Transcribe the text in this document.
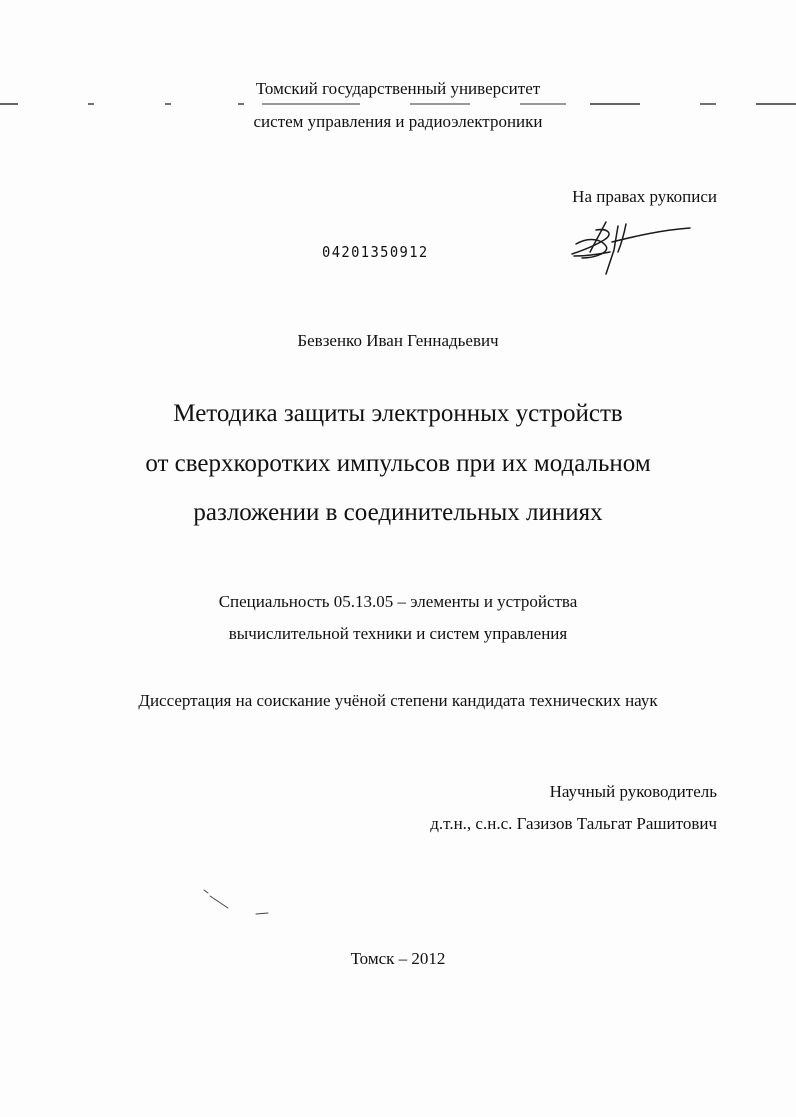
Томский государственный университет
систем управления и радиоэлектроники
На правах рукописи
04201350912
Бевзенко Иван Геннадьевич
Методика защиты электронных устройств
от сверхкоротких импульсов при их модальном
разложении в соединительных линиях
Специальность 05.13.05 – элементы и устройства
вычислительной техники и систем управления
Диссертация на соискание учёной степени кандидата технических наук
Научный руководитель
д.т.н., с.н.с. Газизов Тальгат Рашитович
Томск – 2012
